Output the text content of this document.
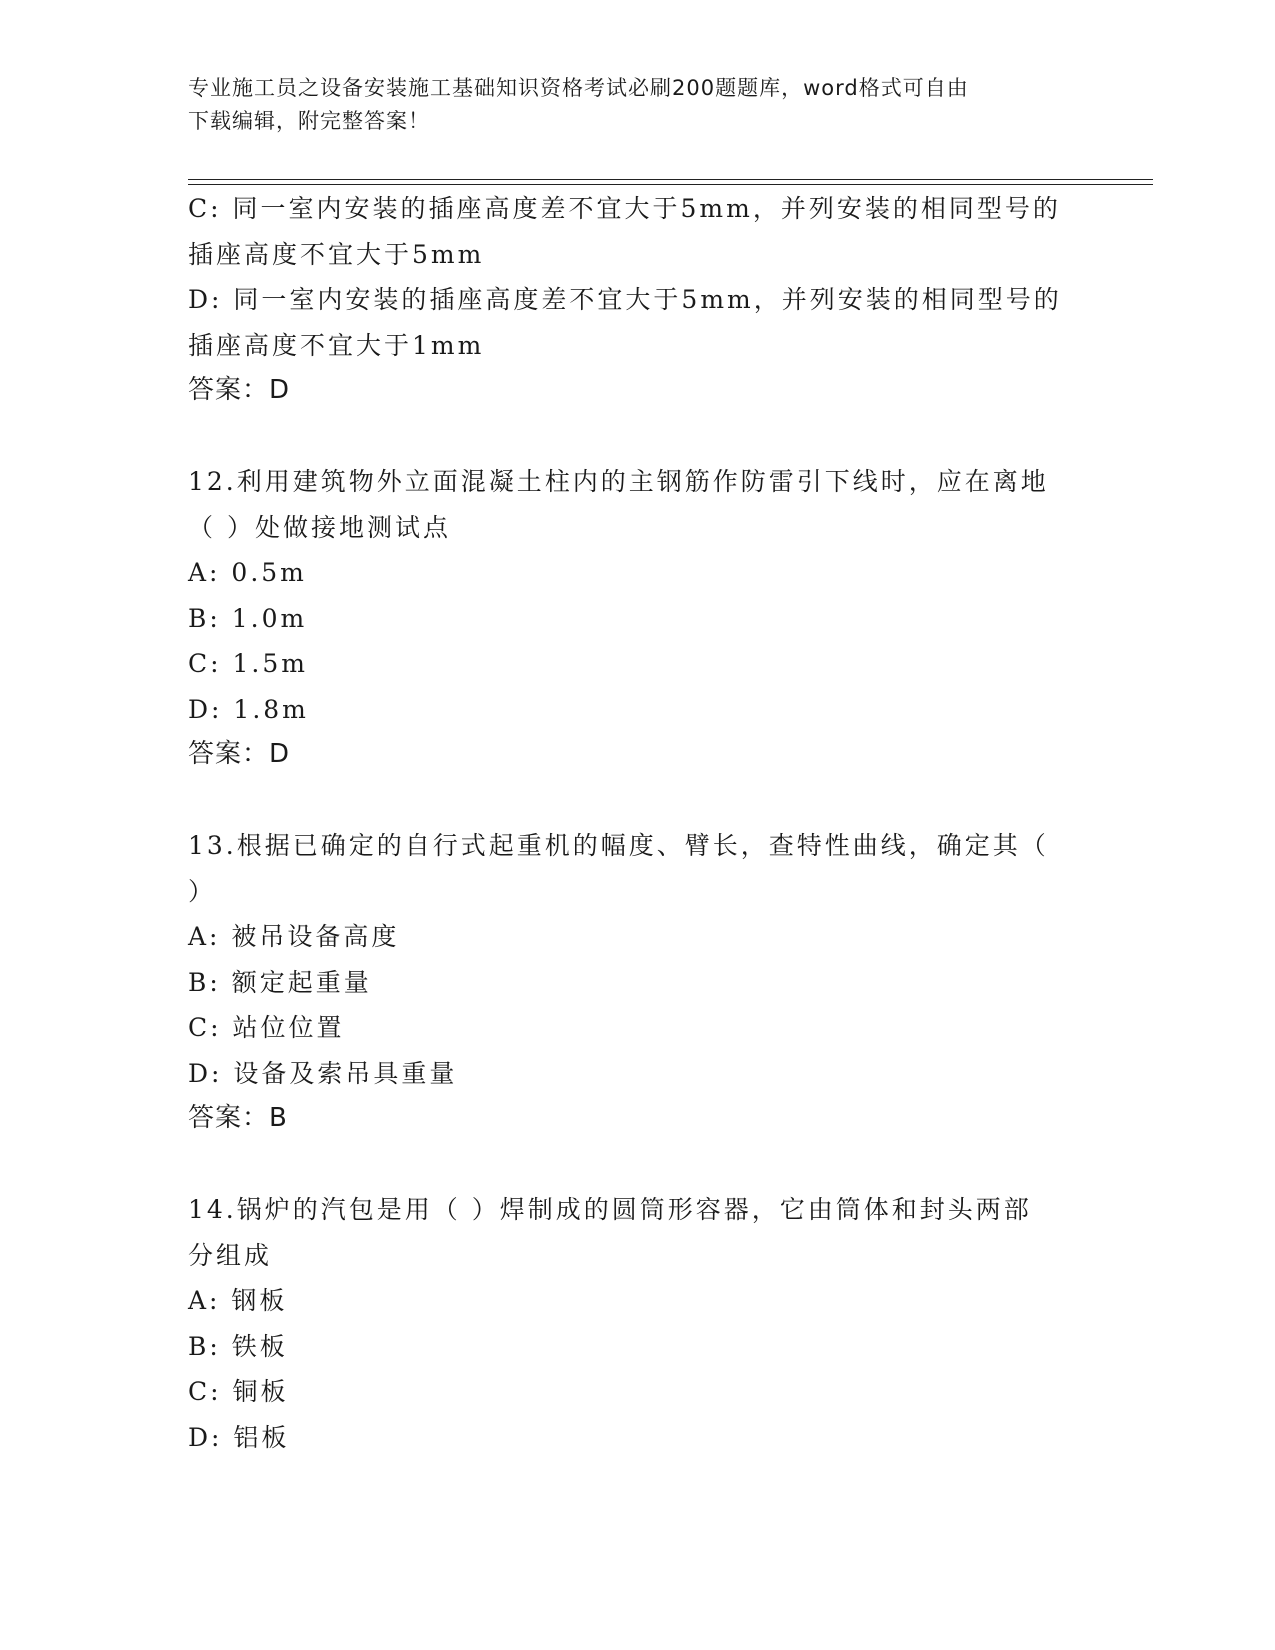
专业施工员之设备安装施工基础知识资格考试必刷200题题库，word格式可自由
下载编辑，附完整答案！
C: 同一室内安装的插座高度差不宜大于5mm，并列安装的相同型号的
插座高度不宜大于5mm
D: 同一室内安装的插座高度差不宜大于5mm，并列安装的相同型号的
插座高度不宜大于1mm
答案：D
12.利用建筑物外立面混凝土柱内的主钢筋作防雷引下线时，应在离地
（ ）处做接地测试点
A: 0.5m
B: 1.0m
C: 1.5m
D: 1.8m
答案：D
13.根据已确定的自行式起重机的幅度、臂长，查特性曲线，确定其（
）
A: 被吊设备高度
B: 额定起重量
C: 站位位置
D: 设备及索吊具重量
答案：B
14.锅炉的汽包是用（ ）焊制成的圆筒形容器，它由筒体和封头两部
分组成
A: 钢板
B: 铁板
C: 铜板
D: 铝板
